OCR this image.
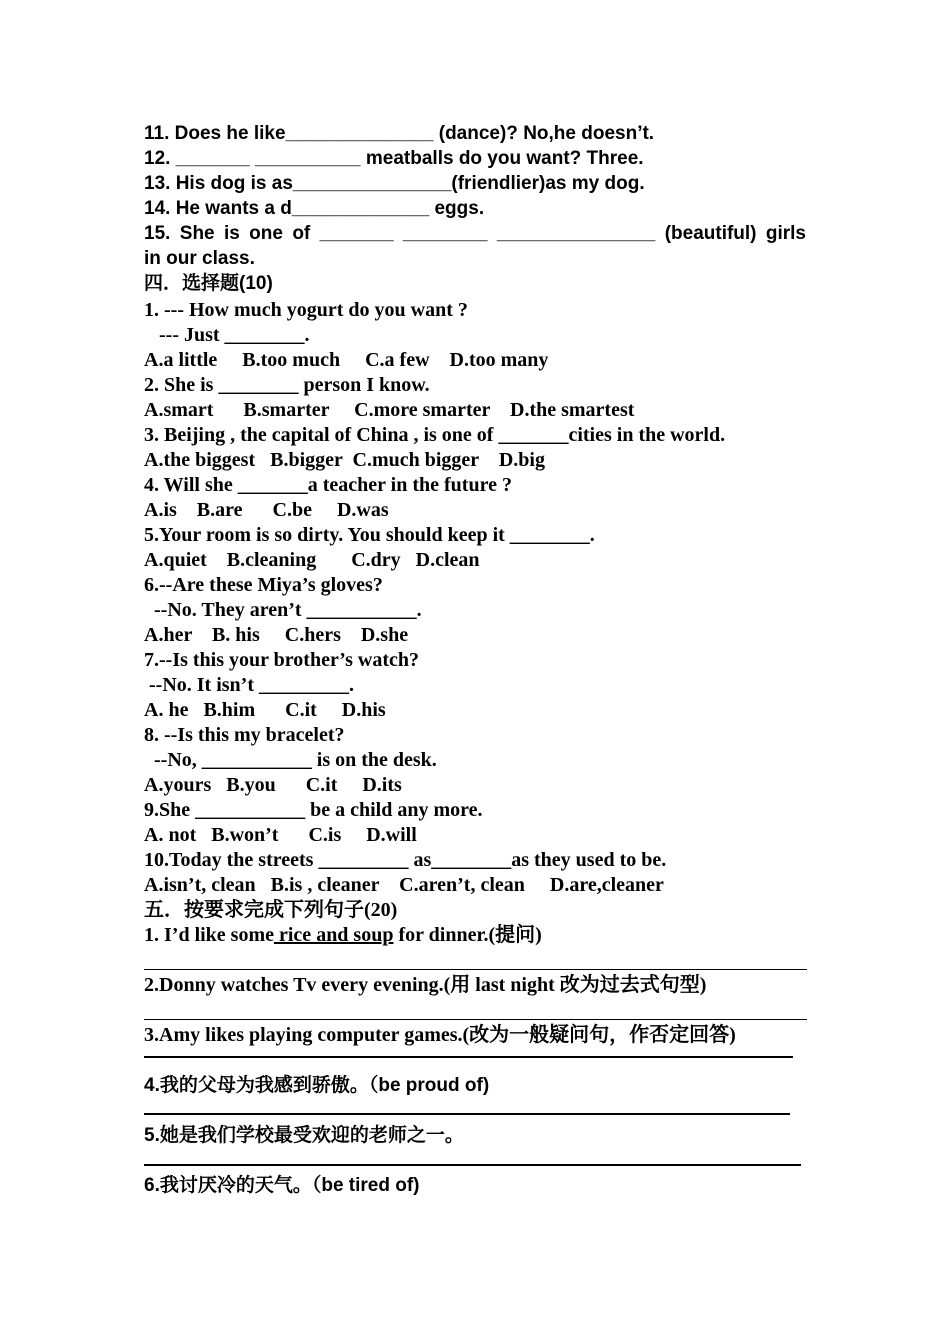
11. Does he like______________ (dance)? No,he doesn’t.
12. _______ __________ meatballs do you want? Three.
13. His dog is as_______________(friendlier)as my dog.
14. He wants a d_____________ eggs.
15. She is one of _______ ________ _______________ (beautiful) girls
in our class.
四．选择题(10)
1. --- How much yogurt do you want ?
--- Just ________.
A.a little     B.too much     C.a few    D.too many
2. She is ________ person I know.
A.smart      B.smarter     C.more smarter    D.the smartest
3. Beijing , the capital of China , is one of _______cities in the world.
A.the biggest   B.bigger  C.much bigger    D.big
4. Will she _______a teacher in the future ?
A.is    B.are      C.be     D.was
5.Your room is so dirty. You should keep it ________.
A.quiet    B.cleaning       C.dry   D.clean
6.--Are these Miya’s gloves?
--No. They aren’t ___________.
A.her    B. his     C.hers    D.she
7.--Is this your brother’s watch?
--No. It isn’t _________.
A. he   B.him      C.it     D.his
8. --Is this my bracelet?
--No, ___________ is on the desk.
A.yours   B.you      C.it     D.its
9.She ___________ be a child any more.
A. not   B.won’t      C.is     D.will
10.Today the streets _________ as________as they used to be.
A.isn’t, clean   B.is , cleaner    C.aren’t, clean     D.are,cleaner
五．按要求完成下列句子(20)
1. I’d like some rice and soup for dinner.(提问)
2.Donny watches Tv every evening.(用 last night 改为过去式句型)
3.Amy likes playing computer games.(改为一般疑问句，作否定回答)
4.我的父母为我感到骄傲。（be proud of)
5.她是我们学校最受欢迎的老师之一。
6.我讨厌冷的天气。（be tired of)
